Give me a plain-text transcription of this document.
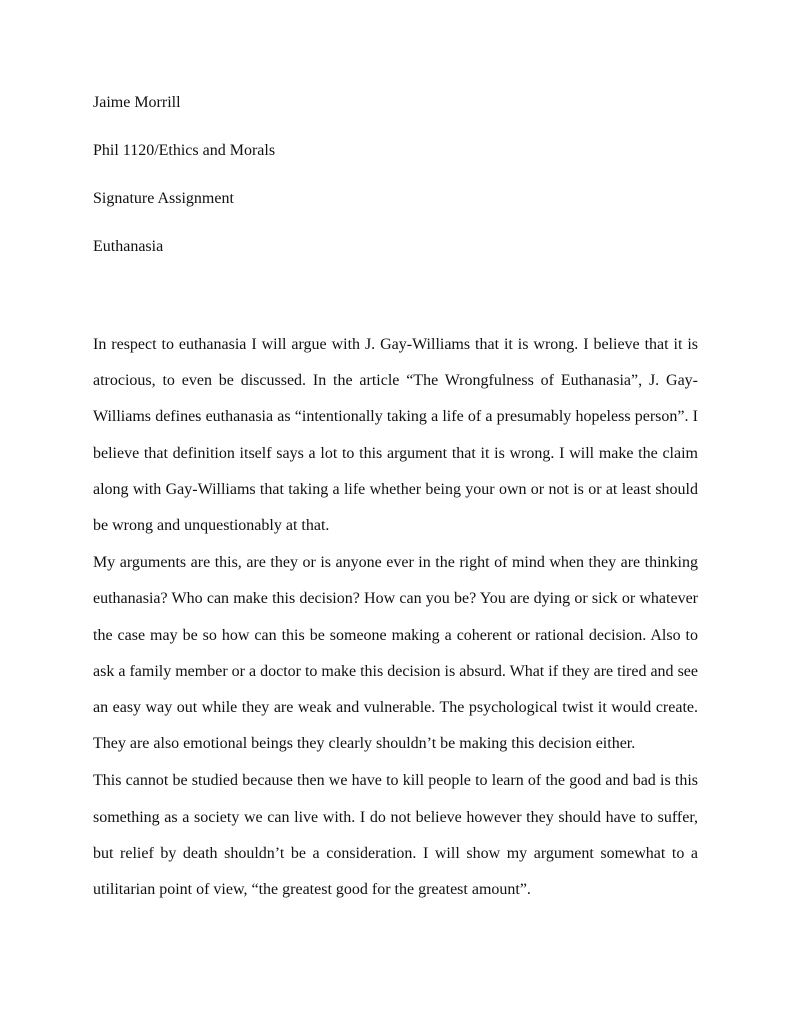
Jaime Morrill

Phil 1120/Ethics and Morals

Signature Assignment

Euthanasia

In respect to euthanasia I will argue with J. Gay-Williams that it is wrong. I believe that it is atrocious, to even be discussed. In the article “The Wrongfulness of Euthanasia”, J. Gay-Williams defines euthanasia as “intentionally taking a life of a presumably hopeless person”. I believe that definition itself says a lot to this argument that it is wrong. I will make the claim along with Gay-Williams that taking a life whether being your own or not is or at least should be wrong and unquestionably at that.

My arguments are this, are they or is anyone ever in the right of mind when they are thinking euthanasia? Who can make this decision? How can you be? You are dying or sick or whatever the case may be so how can this be someone making a coherent or rational decision. Also to ask a family member or a doctor to make this decision is absurd. What if they are tired and see an easy way out while they are weak and vulnerable. The psychological twist it would create. They are also emotional beings they clearly shouldn’t be making this decision either.

This cannot be studied because then we have to kill people to learn of the good and bad is this something as a society we can live with. I do not believe however they should have to suffer, but relief by death shouldn’t be a consideration. I will show my argument somewhat to a utilitarian point of view, “the greatest good for the greatest amount”.
